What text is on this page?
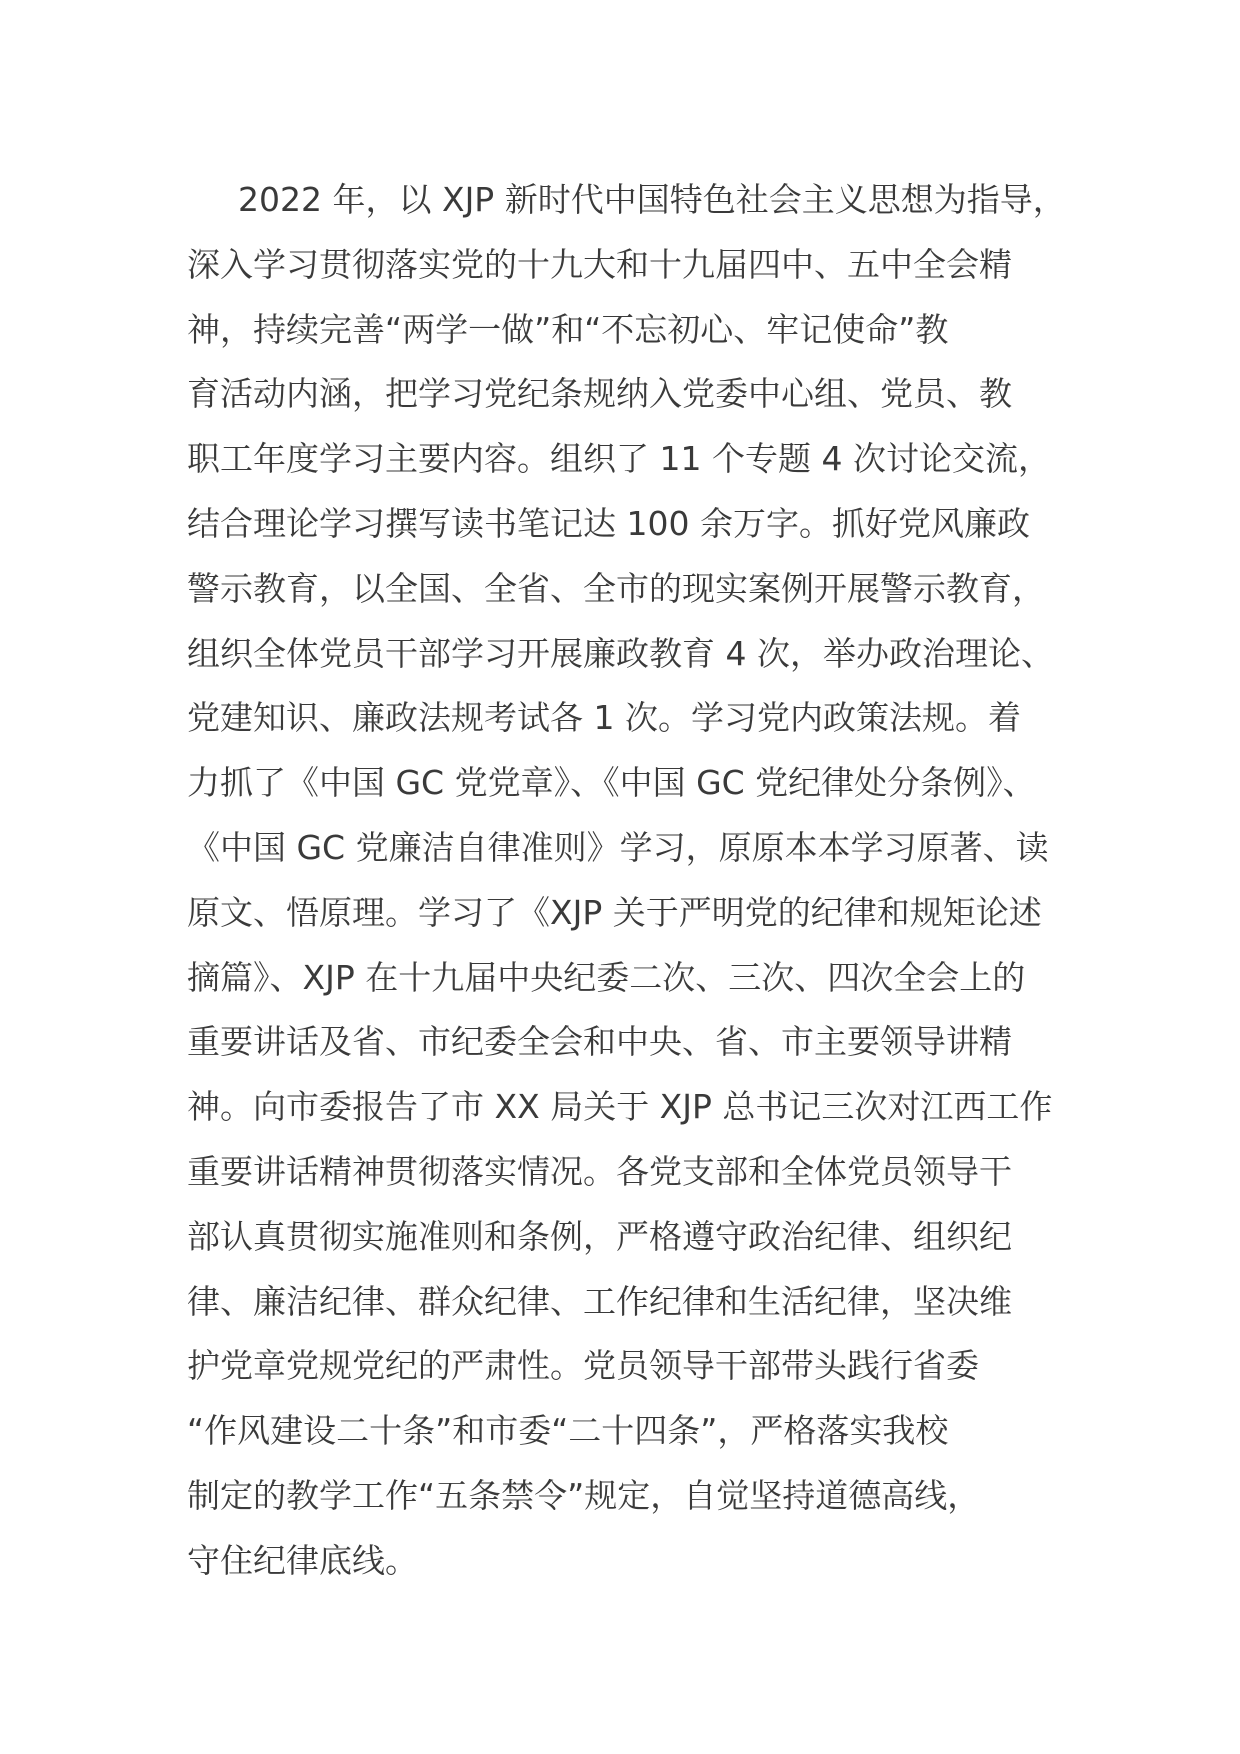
2022 年，以 XJP 新时代中国特色社会主义思想为指导，
深入学习贯彻落实党的十九大和十九届四中、五中全会精
神，持续完善“两学一做”和“不忘初心、牢记使命”教
育活动内涵，把学习党纪条规纳入党委中心组、党员、教
职工年度学习主要内容。组织了 11 个专题 4 次讨论交流，
结合理论学习撰写读书笔记达 100 余万字。抓好党风廉政
警示教育，以全国、全省、全市的现实案例开展警示教育，
组织全体党员干部学习开展廉政教育 4 次，举办政治理论、
党建知识、廉政法规考试各 1 次。学习党内政策法规。着
力抓了《中国 GC 党党章》、《中国 GC 党纪律处分条例》、
《中国 GC 党廉洁自律准则》学习，原原本本学习原著、读
原文、悟原理。学习了《XJP 关于严明党的纪律和规矩论述
摘篇》、XJP 在十九届中央纪委二次、三次、四次全会上的
重要讲话及省、市纪委全会和中央、省、市主要领导讲精
神。向市委报告了市 XX 局关于 XJP 总书记三次对江西工作
重要讲话精神贯彻落实情况。各党支部和全体党员领导干
部认真贯彻实施准则和条例，严格遵守政治纪律、组织纪
律、廉洁纪律、群众纪律、工作纪律和生活纪律，坚决维
护党章党规党纪的严肃性。党员领导干部带头践行省委
“作风建设二十条”和市委“二十四条”，严格落实我校
制定的教学工作“五条禁令”规定，自觉坚持道德高线，
守住纪律底线。
